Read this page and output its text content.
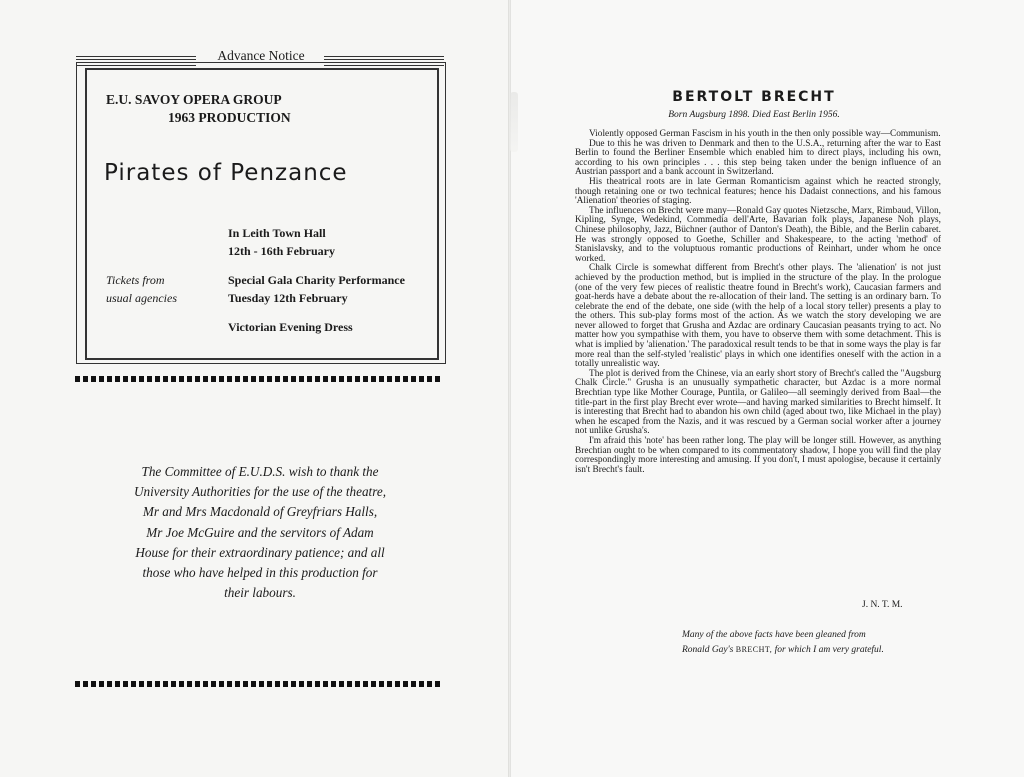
Advance Notice
E.U. SAVOY OPERA GROUP
1963 PRODUCTION
Pirates of Penzance
In Leith Town Hall
12th - 16th February
Tickets from
usual agencies
Special Gala Charity Performance
Tuesday 12th February
Victorian Evening Dress

The Committee of E.U.D.S. wish to thank the

University Authorities for the use of the theatre,

Mr and Mrs Macdonald of Greyfriars Halls,

Mr Joe McGuire and the servitors of Adam

House for their extraordinary patience; and all

those who have helped in this production for

their labours.

BERTOLT BRECHT
Born Augsburg 1898. Died East Berlin 1956.

Violently opposed German Fascism in his youth in the then only possible way—Communism.

Due to this he was driven to Denmark and then to the U.S.A., returning after the war to East Berlin to found the Berliner Ensemble which enabled him to direct plays, including his own, according to his own principles . . . this step being taken under the benign influence of an Austrian passport and a bank account in Switzerland.

His theatrical roots are in late German Romanticism against which he reacted strongly, though retaining one or two technical features; hence his Dadaist connections, and his famous 'Alienation' theories of staging.

The influences on Brecht were many—Ronald Gay quotes Nietzsche, Marx, Rimbaud, Villon, Kipling, Synge, Wedekind, Commedia dell'Arte, Bavarian folk plays, Japanese Noh plays, Chinese philosophy, Jazz, Büchner (author of Danton's Death), the Bible, and the Berlin cabaret. He was strongly opposed to Goethe, Schiller and Shakespeare, to the acting 'method' of Stanislavsky, and to the voluptuous romantic productions of Reinhart, under whom he once worked.

Chalk Circle is somewhat different from Brecht's other plays. The 'alienation' is not just achieved by the production method, but is implied in the structure of the play. In the prologue (one of the very few pieces of realistic theatre found in Brecht's work), Caucasian farmers and goat-herds have a debate about the re-allocation of their land. The setting is an ordinary barn. To celebrate the end of the debate, one side (with the help of a local story teller) presents a play to the others. This sub-play forms most of the action. As we watch the story developing we are never allowed to forget that Grusha and Azdac are ordinary Caucasian peasants trying to act. No matter how you sympathise with them, you have to observe them with some detachment. This is what is implied by 'alienation.' The paradoxical result tends to be that in some ways the play is far more real than the self-styled 'realistic' plays in which one identifies oneself with the action in a totally unrealistic way.

The plot is derived from the Chinese, via an early short story of Brecht's called the "Augsburg Chalk Circle." Grusha is an unusually sympathetic character, but Azdac is a more normal Brechtian type like Mother Courage, Puntila, or Galileo—all seemingly derived from Baal—the title-part in the first play Brecht ever wrote—and having marked similarities to Brecht himself. It is interesting that Brecht had to abandon his own child (aged about two, like Michael in the play) when he escaped from the Nazis, and it was rescued by a German social worker after a journey not unlike Grusha's.

I'm afraid this 'note' has been rather long. The play will be longer still. However, as anything Brechtian ought to be when compared to its commentatory shadow, I hope you will find the play correspondingly more interesting and amusing. If you don't, I must apologise, because it certainly isn't Brecht's fault.

J. N. T. M.
Many of the above facts have been gleaned from
Ronald Gay's BRECHT, for which I am very grateful.
